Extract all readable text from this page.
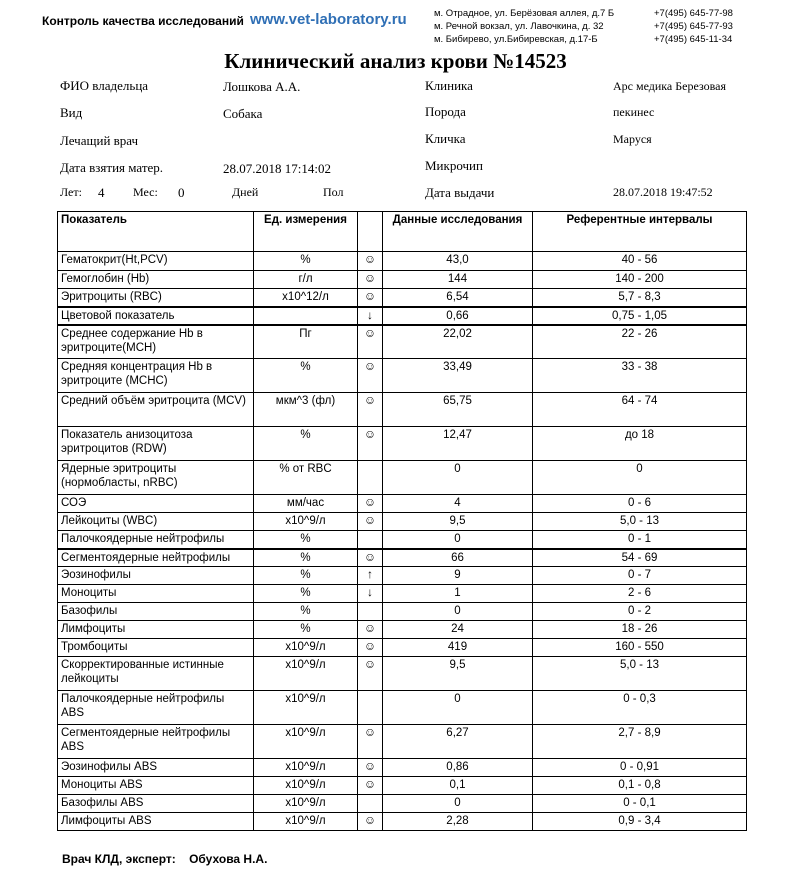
Контроль качества исследований www.vet-laboratory.ru	м. Отрадное, ул. Берёзовая аллея, д.7 Б	+7(495) 645-77-98
м. Речной вокзал, ул. Лавочкина, д. 32	+7(495) 645-77-93
м. Бибирево, ул.Бибиревская, д.17-Б	+7(495) 645-11-34
Клинический анализ крови №14523
ФИО владельца	Лошкова А.А.
Вид	Собака
Лечащий врач
Дата взятия матер.	28.07.2018 17:14:02
Лет: 4 Мес: 0	Дней	Пол
Клиника	Арс медика Березовая
Порода	пекинес
Кличка	Маруся
Микрочип
Дата выдачи	28.07.2018 19:47:52
Показатель	Ед. измерения		Данные исследования	Референтные интервалы
Гематокрит(Ht,PCV)	%	☺	43,0	40 - 56
Гемоглобин (Hb)	г/л	☺	144	140 - 200
Эритроциты (RBC)	x10^12/л	☺	6,54	5,7 - 8,3
Цветовой показатель		↓	0,66	0,75 - 1,05
Среднее содержание Hb в эритроците(MCH)	Пг	☺	22,02	22 - 26
Средняя концентрация Hb в эритроците (MCHC)	%	☺	33,49	33 - 38
Средний объём эритроцита (MCV)	мкм^3 (фл)	☺	65,75	64 - 74
Показатель анизоцитоза эритроцитов (RDW)	%	☺	12,47	до 18
Ядерные эритроциты (нормобласты, nRBC)	% от RBC		0	0
СОЭ	мм/час	☺	4	0 - 6
Лейкоциты (WBC)	x10^9/л	☺	9,5	5,0 - 13
Палочкоядерные нейтрофилы	%		0	0 - 1
Сегментоядерные нейтрофилы	%	☺	66	54 - 69
Эозинофилы	%	↑	9	0 - 7
Моноциты	%	↓	1	2 - 6
Базофилы	%		0	0 - 2
Лимфоциты	%	☺	24	18 - 26
Тромбоциты	x10^9/л	☺	419	160 - 550
Скорректированные истинные лейкоциты	x10^9/л	☺	9,5	5,0 - 13
Палочкоядерные нейтрофилы ABS	x10^9/л		0	0 - 0,3
Сегментоядерные нейтрофилы ABS	x10^9/л	☺	6,27	2,7 - 8,9
Эозинофилы ABS	x10^9/л	☺	0,86	0 - 0,91
Моноциты ABS	x10^9/л	☺	0,1	0,1 - 0,8
Базофилы ABS	x10^9/л		0	0 - 0,1
Лимфоциты ABS	x10^9/л	☺	2,28	0,9 - 3,4
Врач КЛД, эксперт: Обухова Н.А.
